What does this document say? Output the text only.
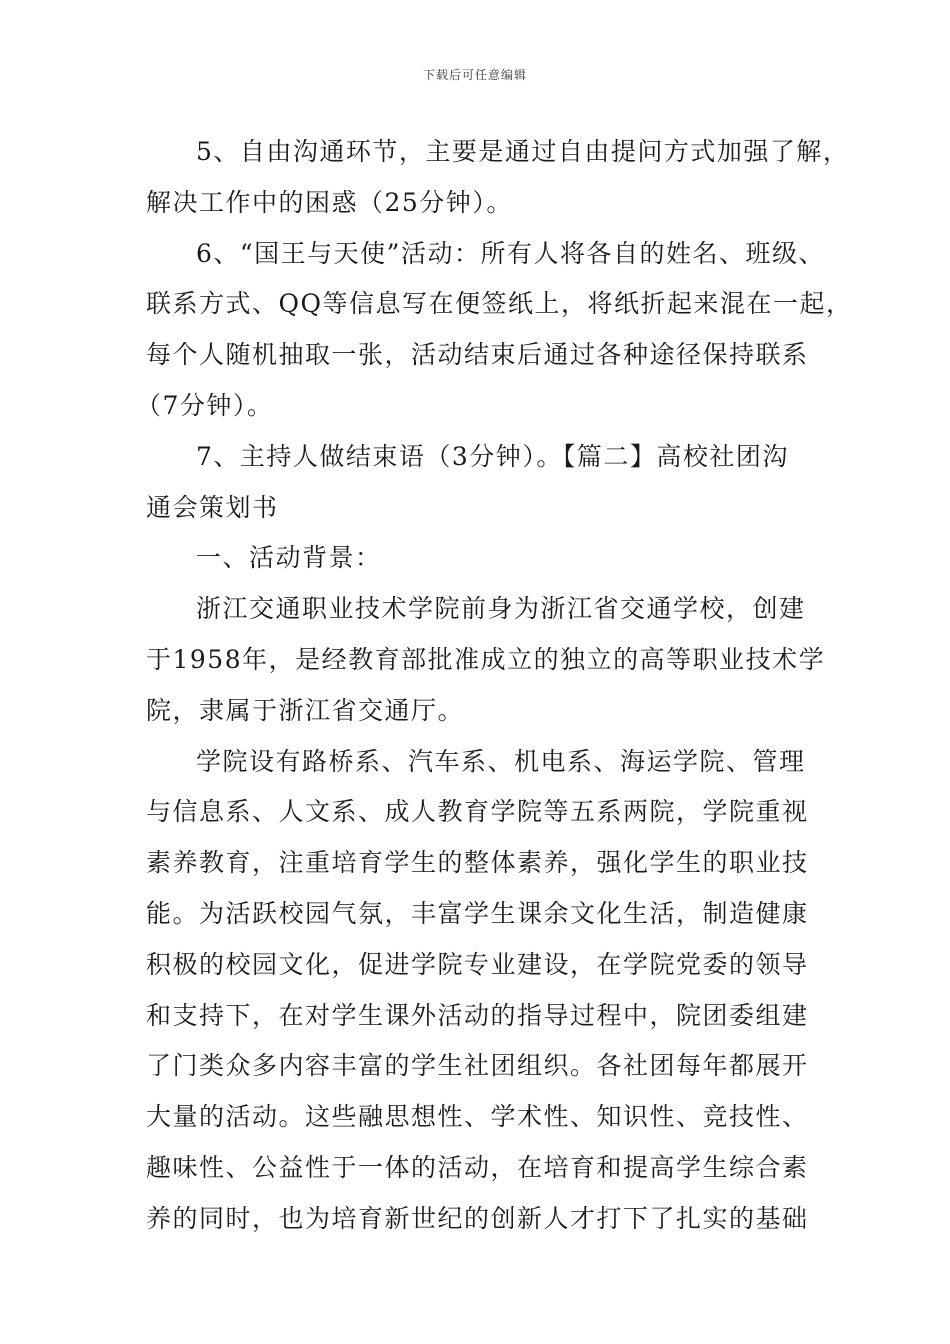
下载后可任意编辑
5、自由沟通环节，主要是通过自由提问方式加强了解，
解决工作中的困惑（25分钟）。
6、“国王与天使”活动：所有人将各自的姓名、班级、
联系方式、QQ等信息写在便签纸上，将纸折起来混在一起，
每个人随机抽取一张，活动结束后通过各种途径保持联系
（7分钟）。
7、主持人做结束语（3分钟）。【篇二】高校社团沟
通会策划书
一、活动背景：
浙江交通职业技术学院前身为浙江省交通学校，创建
于1958年，是经教育部批准成立的独立的高等职业技术学
院，隶属于浙江省交通厅。
学院设有路桥系、汽车系、机电系、海运学院、管理
与信息系、人文系、成人教育学院等五系两院，学院重视
素养教育，注重培育学生的整体素养，强化学生的职业技
能。为活跃校园气氛，丰富学生课余文化生活，制造健康
积极的校园文化，促进学院专业建设，在学院党委的领导
和支持下，在对学生课外活动的指导过程中，院团委组建
了门类众多内容丰富的学生社团组织。各社团每年都展开
大量的活动。这些融思想性、学术性、知识性、竞技性、
趣味性、公益性于一体的活动，在培育和提高学生综合素
养的同时，也为培育新世纪的创新人才打下了扎实的基础
